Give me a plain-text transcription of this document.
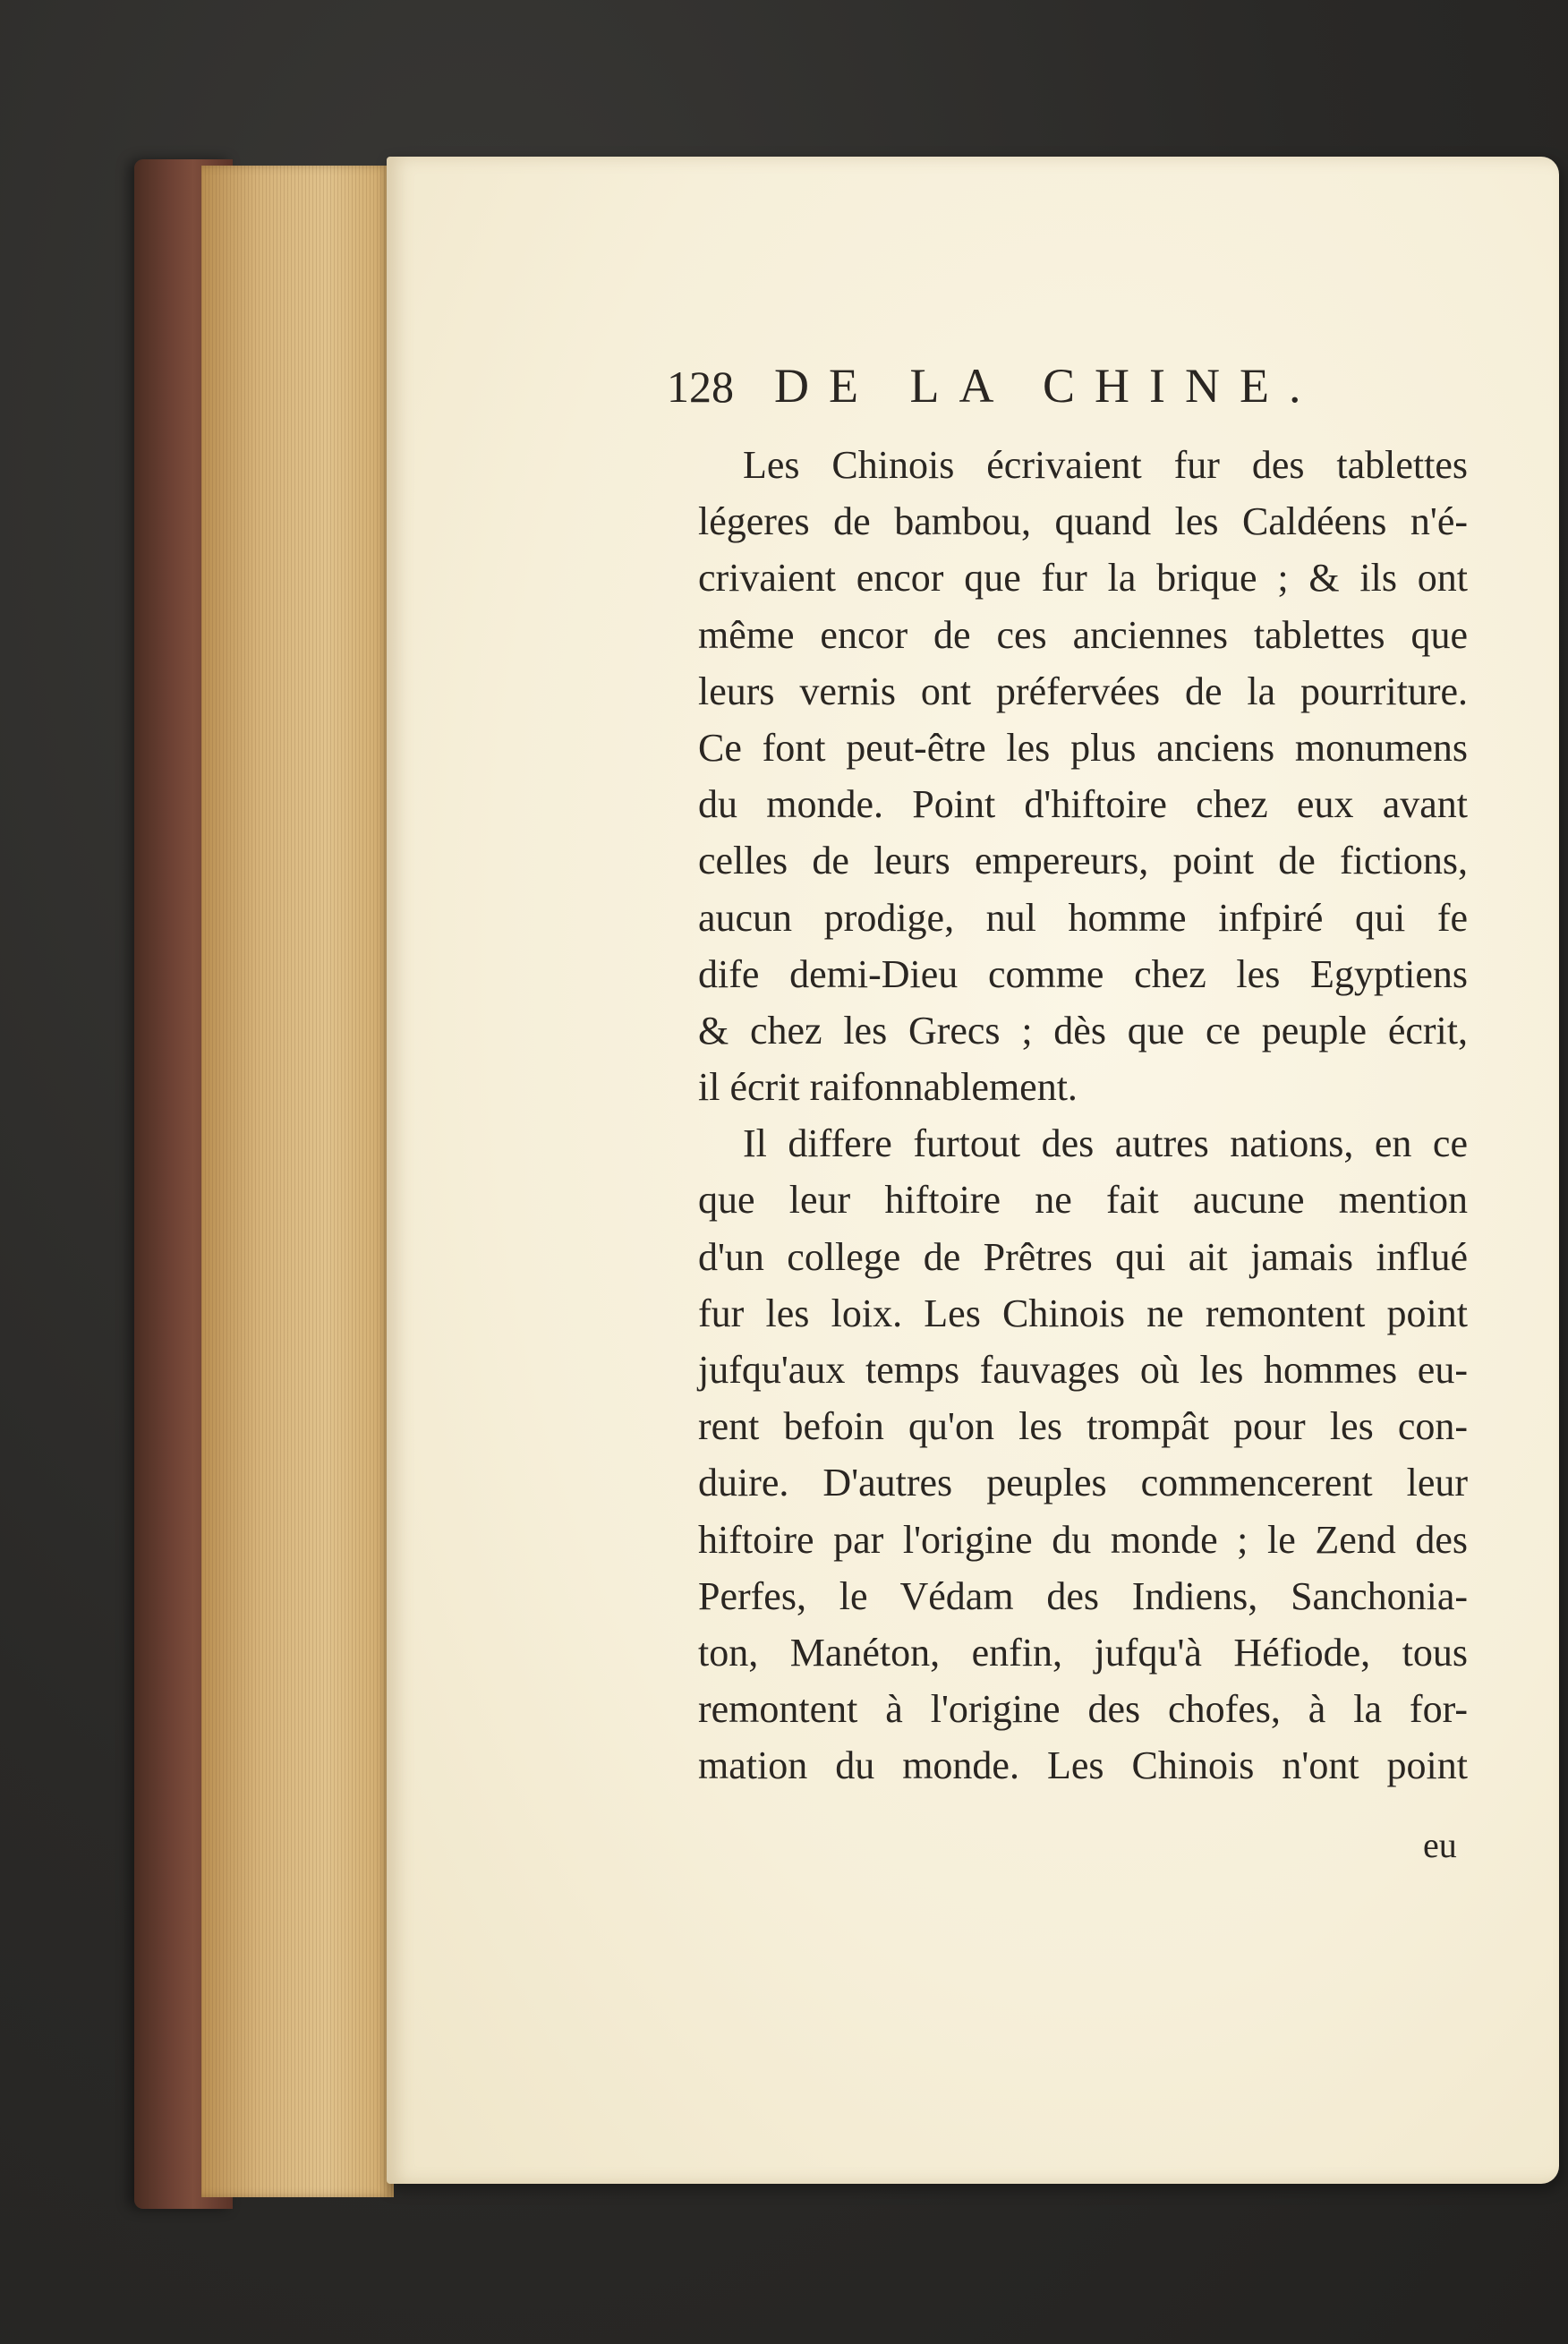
128 DE LA CHINE.
Les Chinois écrivaient fur des tablettes
légeres de bambou, quand les Caldéens n'é-
crivaient encor que fur la brique ; & ils ont
même encor de ces anciennes tablettes que
leurs vernis ont préfervées de la pourriture.
Ce font peut-être les plus anciens monumens
du monde. Point d'hiftoire chez eux avant
celles de leurs empereurs, point de fictions,
aucun prodige, nul homme infpiré qui fe
dife demi-Dieu comme chez les Egyptiens
& chez les Grecs ; dès que ce peuple écrit,
il écrit raifonnablement.
Il differe furtout des autres nations, en ce
que leur hiftoire ne fait aucune mention
d'un college de Prêtres qui ait jamais influé
fur les loix. Les Chinois ne remontent point
jufqu'aux temps fauvages où les hommes eu-
rent befoin qu'on les trompât pour les con-
duire. D'autres peuples commencerent leur
hiftoire par l'origine du monde ; le Zend des
Perfes, le Védam des Indiens, Sanchonia-
ton, Manéton, enfin, jufqu'à Héfiode, tous
remontent à l'origine des chofes, à la for-
mation du monde. Les Chinois n'ont point
eu
